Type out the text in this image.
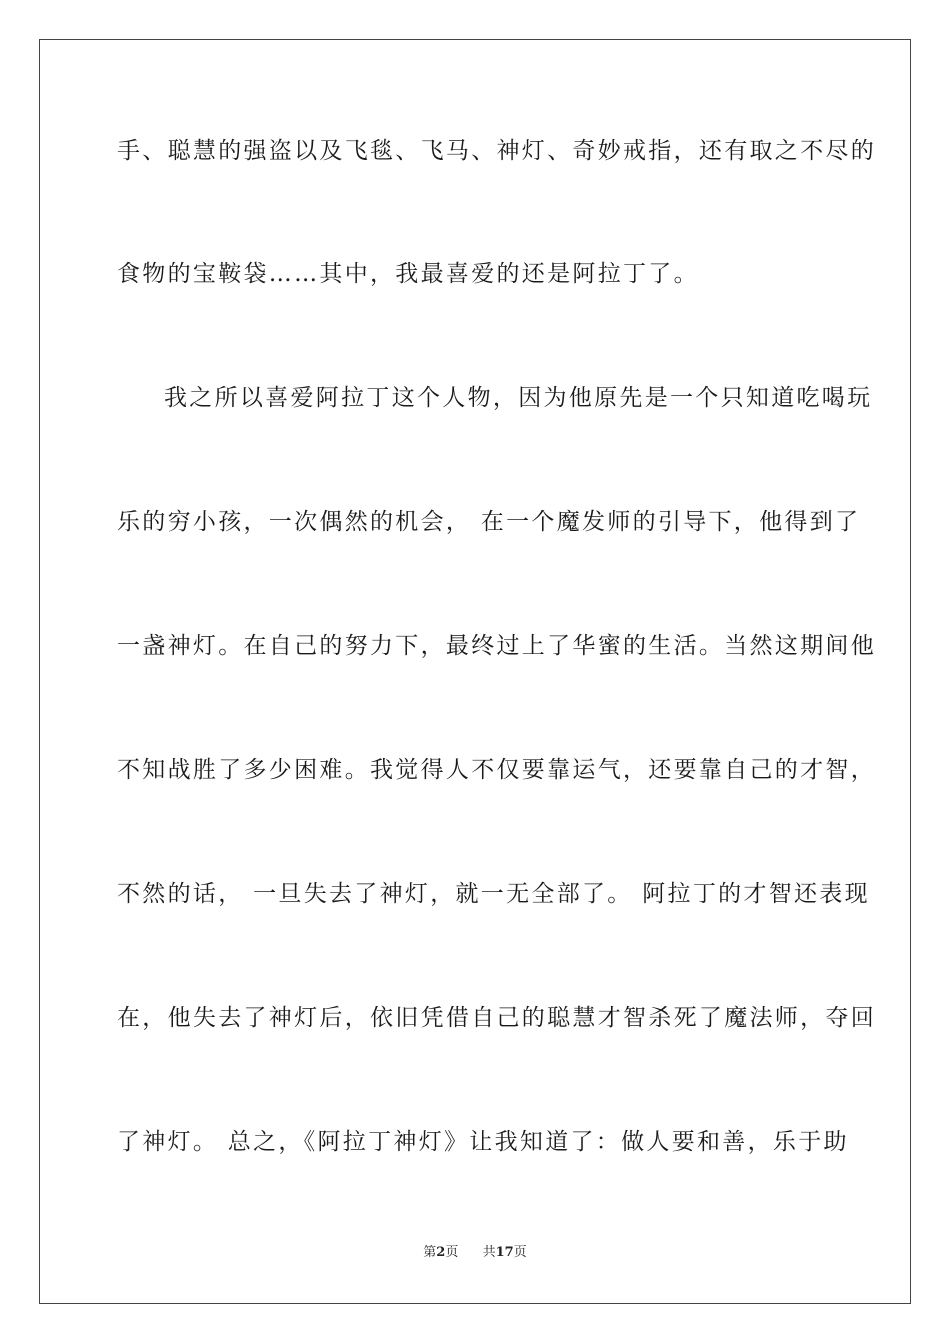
手、聪慧的强盗以及飞毯、飞马、神灯、奇妙戒指，还有取之不尽的
食物的宝鞍袋……其中，我最喜爱的还是阿拉丁了。
我之所以喜爱阿拉丁这个人物，因为他原先是一个只知道吃喝玩
乐的穷小孩，一次偶然的机会， 在一个魔发师的引导下，他得到了
一盏神灯。在自己的努力下，最终过上了华蜜的生活。当然这期间他
不知战胜了多少困难。我觉得人不仅要靠运气，还要靠自己的才智，
不然的话， 一旦失去了神灯，就一无全部了。 阿拉丁的才智还表现
在，他失去了神灯后，依旧凭借自己的聪慧才智杀死了魔法师，夺回
了神灯。 总之，《阿拉丁神灯》让我知道了：做人要和善，乐于助
第2页 共17页
